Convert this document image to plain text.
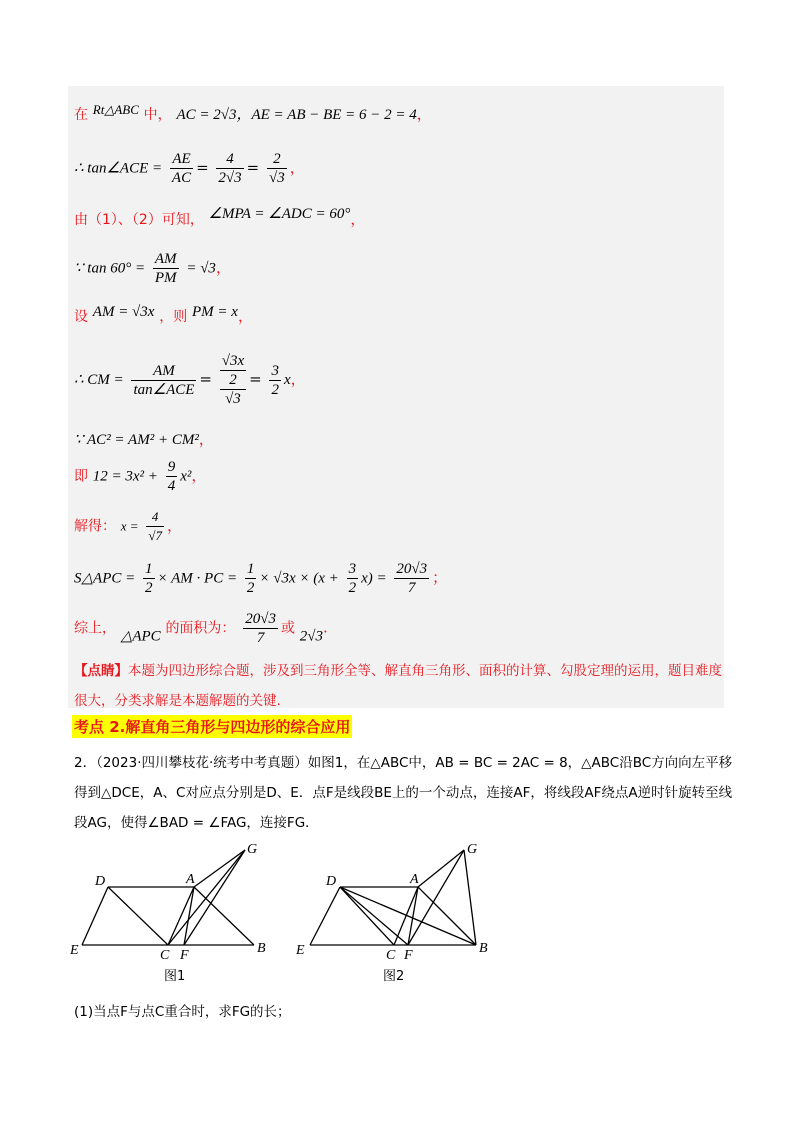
在 Rt△ABC 中， AC = 2√3，AE = AB − BE = 6 − 2 = 4，
∴ tan∠ACE = $\frac{AE}{AC} = \frac{4}{2√3} = \frac{2}{√3}$ ，
由（1）、（2）可知， ∠MPA = ∠ADC = 60°，
∵ $\tan 60^\circ = \frac{AM}{PM} = √3$，
设 AM = √3x ，则 PM = x，
∴ CM = $\frac{AM}{\text{tan∠ACE}}$ =
√3x
2
√3
= $\frac{3}{2}$ x，
∵ AC² = AM² + CM²，
即 $12 = 3x^2 + \frac{9}{4} x^2$，
解得： $x = \frac{4}{√7}$ ，
S△APC = $\frac{1}{2}$ × AM · PC = $\frac{1}{2} \times √3x \times (x + \frac{3}{2} x) = \frac{20√3}{7}$ ；
综上， △APC 的面积为： $\frac{20√3}{7}$ 或 2√3.
【点睛】本题为四边形综合题，涉及到三角形全等、解直角三角形、面积的计算、勾股定理的运用，题目难度很大，分类求解是本题解题的关键.
考点 2.解直角三角形与四边形的综合应用
2．（2023·四川攀枝花·统考中考真题）如图1，在△ABC中，AB = BC = 2AC = 8，△ABC沿BC方向向左平移得到△DCE，A、C对应点分别是D、E．点F是线段BE上的一个动点，连接AF，将线段AF绕点A逆时针旋转至线段AG，使得∠BAD = ∠FAG，连接FG．
D	A
G
E	C F	B
图1
D	A
G
E	C F	B
图2
(1)当点F与点C重合时，求FG的长；
